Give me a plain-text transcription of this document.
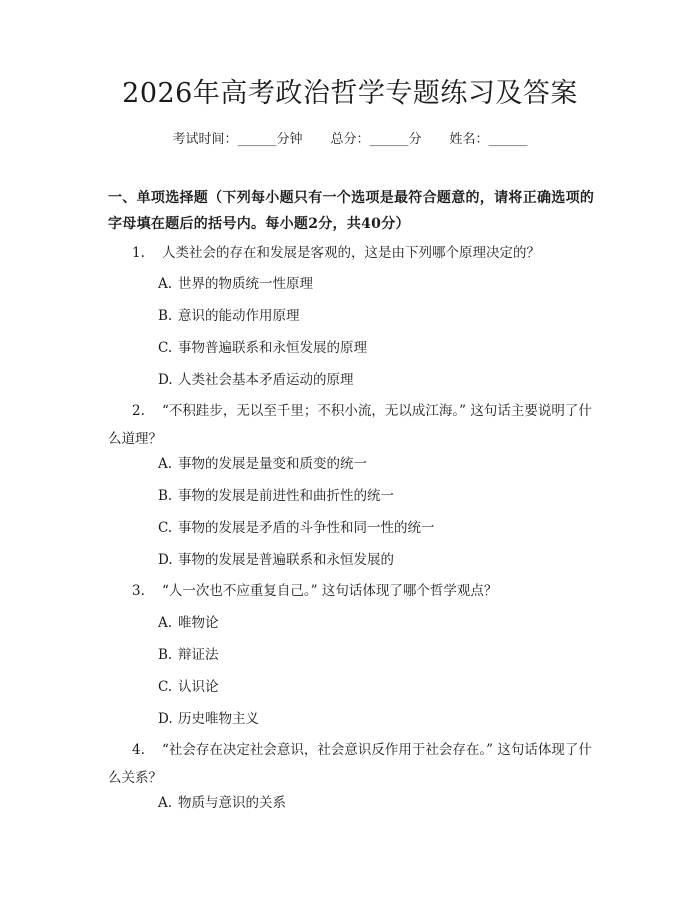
2026年高考政治哲学专题练习及答案
考试时间：______分钟 总分：______分 姓名：______
一、单项选择题（下列每小题只有一个选项是最符合题意的，请将正确选项的字母填在题后的括号内。每小题2分，共40分）
1. 人类社会的存在和发展是客观的，这是由下列哪个原理决定的？
A. 世界的物质统一性原理
B. 意识的能动作用原理
C. 事物普遍联系和永恒发展的原理
D. 人类社会基本矛盾运动的原理
2. “不积跬步，无以至千里；不积小流，无以成江海。” 这句话主要说明了什么道理？
A. 事物的发展是量变和质变的统一
B. 事物的发展是前进性和曲折性的统一
C. 事物的发展是矛盾的斗争性和同一性的统一
D. 事物的发展是普遍联系和永恒发展的
3. “人一次也不应重复自己。” 这句话体现了哪个哲学观点？
A. 唯物论
B. 辩证法
C. 认识论
D. 历史唯物主义
4. “社会存在决定社会意识，社会意识反作用于社会存在。” 这句话体现了什么关系？
A. 物质与意识的关系
